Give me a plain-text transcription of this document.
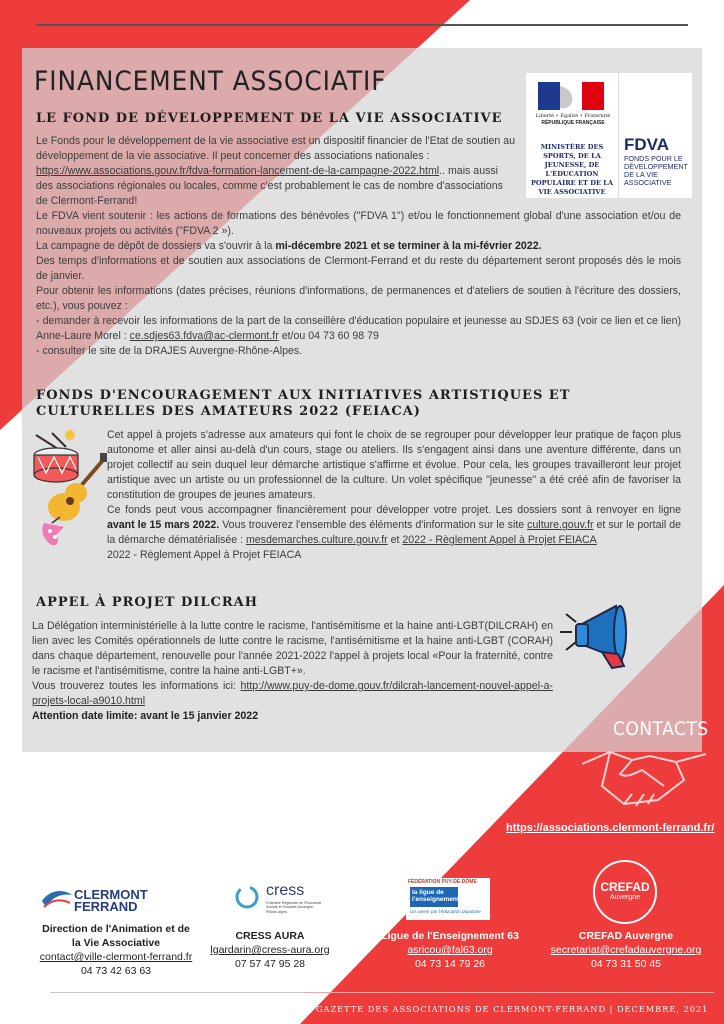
FINANCEMENT ASSOCIATIF
Liberté • Égalité • Fraternité
RÉPUBLIQUE FRANÇAISE
MINISTÈRE DES SPORTS, DE LA JEUNESSE, DE L'ÉDUCATION POPULAIRE ET DE LA VIE ASSOCIATIVE
FDVA
FONDS POUR LE DÉVELOPPEMENT DE LA VIE ASSOCIATIVE
LE FOND DE DÉVELOPPEMENT DE LA VIE ASSOCIATIVE
Le Fonds pour le développement de la vie associative est un dispositif financier de l'Etat de soutien au développement de la vie associative. Il peut concerner des associations nationales : https://www.associations.gouv.fr/fdva-formation-lancement-de-la-campagne-2022.html.. mais aussi des associations régionales ou locales, comme c'est probablement le cas de nombre d'associations de Clermont-Ferrand!

Le FDVA vient soutenir : les actions de formations des bénévoles ("FDVA 1") et/ou le fonctionnement global d'une association et/ou de nouveaux projets ou activités ("FDVA 2 »).

La campagne de dépôt de dossiers va s'ouvrir à la mi-décembre 2021 et se terminer à la mi-février 2022.

Des temps d'informations et de soutien aux associations de Clermont-Ferrand et du reste du département seront proposés dès le mois de janvier.

Pour obtenir les informations (dates précises, réunions d'informations, de permanences et d'ateliers de soutien à l'écriture des dossiers, etc.), vous pouvez :

- demander à recevoir les informations de la part de la conseillère d'éducation populaire et jeunesse au SDJES 63 (voir ce lien et ce lien) Anne-Laure Morel : ce.sdjes63.fdva@ac-clermont.fr et/ou 04 73 60 98 79

- consulter le site de la DRAJES Auvergne-Rhône-Alpes.

FONDS D'ENCOURAGEMENT AUX INITIATIVES ARTISTIQUES ET CULTURELLES DES AMATEURS 2022 (FEIACA)

Cet appel à projets s'adresse aux amateurs qui font le choix de se regrouper pour développer leur pratique de façon plus autonome et aller ainsi au-delà d'un cours, stage ou ateliers. Ils s'engagent ainsi dans une aventure différente, dans un projet collectif au sein duquel leur démarche artistique s'affirme et évolue. Pour cela, les groupes travailleront leur projet artistique avec un artiste ou un professionnel de la culture. Un volet spécifique "jeunesse" a été créé afin de favoriser la constitution de groupes de jeunes amateurs.

Ce fonds peut vous accompagner financièrement pour développer votre projet. Les dossiers sont à renvoyer en ligne avant le 15 mars 2022. Vous trouverez l'ensemble des éléments d'information sur le site culture.gouv.fr et sur le portail de la démarche dématérialisée : mesdemarches.culture.gouv.fr et 2022 - Règlement Appel à Projet FEIACA

2022 - Règlement Appel à Projet FEIACA

APPEL À PROJET DILCRAH

La Délégation interministérielle à la lutte contre le racisme, l'antisémitisme et la haine anti-LGBT(DILCRAH) en lien avec les Comités opérationnels de lutte contre le racisme, l'antisémitisme et la haine anti-LGBT (CORAH) dans chaque département, renouvelle pour l'année 2021-2022 l'appel à projets local «Pour la fraternité, contre le racisme et l'antisémitisme, contre la haine anti-LGBT+».

Vous trouverez toutes les informations ici: http://www.puy-de-dome.gouv.fr/dilcrah-lancement-nouvel-appel-a-projets-local-a9010.html

Attention date limite: avant le 15 janvier 2022

CONTACTS
https://associations.clermont-ferrand.fr/
CLERMONT FERRAND
Direction de l'Animation et de la Vie Associative
contact@ville-clermont-ferrand.fr
04 73 42 63 63
cress
Chambre Régionale de l'Économie Sociale et Solidaire Auvergne-Rhône-Alpes
CRESS AURA
lgardarin@cress-aura.org
07 57 47 95 28
FÉDÉRATION PUY-DE-DÔME
la ligue de l'enseignement
Un avenir par l'éducation populaire
Ligue de l'Enseignement 63
asricou@fal63.org
04 73 14 79 26
CREFAD
Auvergne
CREFAD Auvergne
secretariat@crefadauvergne.org
04 73 31 50 45
GAZETTE DES ASSOCIATIONS DE CLERMONT-FERRAND | DECEMBRE, 2021
